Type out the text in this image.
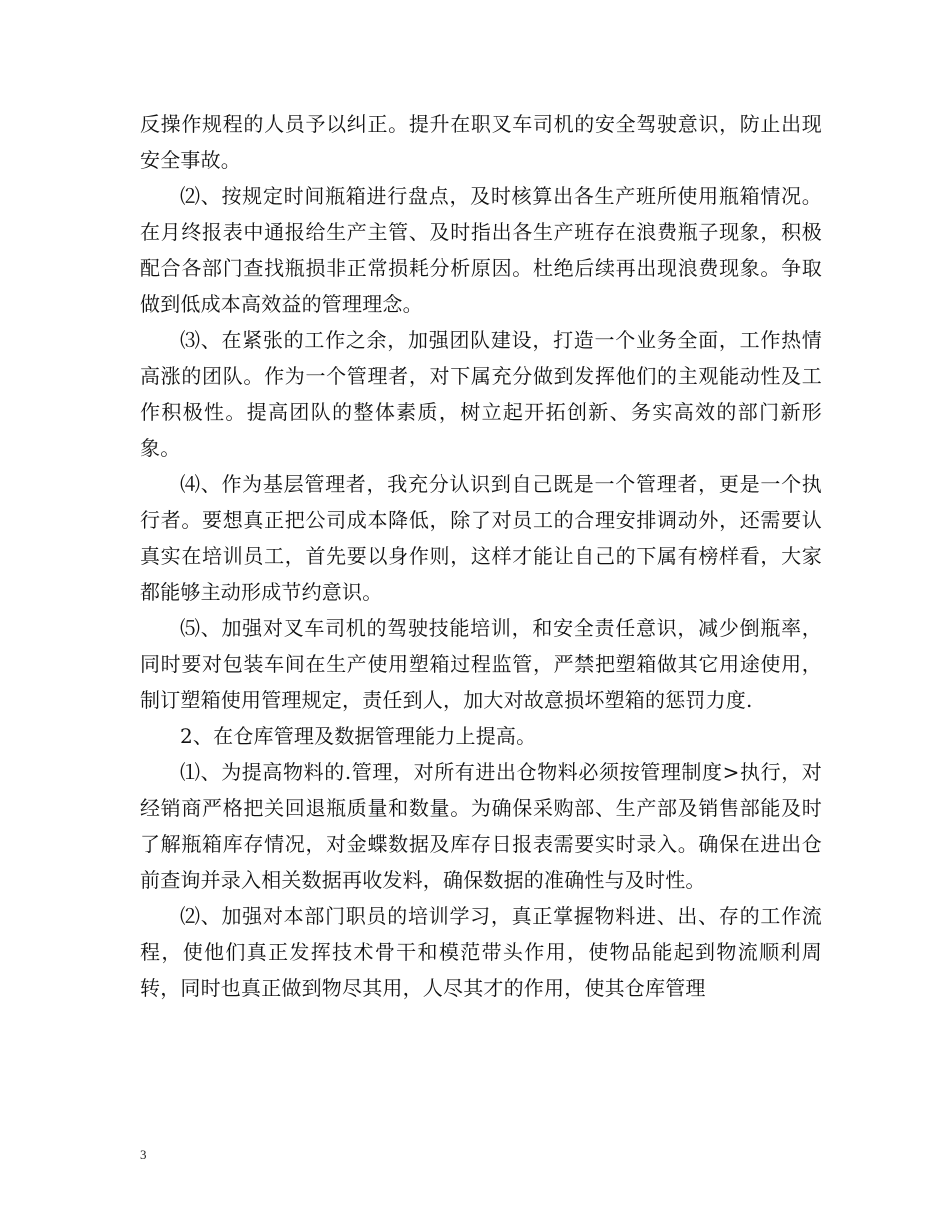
反操作规程的人员予以纠正。提升在职叉车司机的安全驾驶意识，防止出现安全事故。

⑵、按规定时间瓶箱进行盘点，及时核算出各生产班所使用瓶箱情况。在月终报表中通报给生产主管、及时指出各生产班存在浪费瓶子现象，积极配合各部门查找瓶损非正常损耗分析原因。杜绝后续再出现浪费现象。争取做到低成本高效益的管理理念。

⑶、在紧张的工作之余，加强团队建设，打造一个业务全面，工作热情高涨的团队。作为一个管理者，对下属充分做到发挥他们的主观能动性及工作积极性。提高团队的整体素质，树立起开拓创新、务实高效的部门新形象。

⑷、作为基层管理者，我充分认识到自己既是一个管理者，更是一个执行者。要想真正把公司成本降低，除了对员工的合理安排调动外，还需要认真实在培训员工，首先要以身作则，这样才能让自己的下属有榜样看，大家都能够主动形成节约意识。

⑸、加强对叉车司机的驾驶技能培训，和安全责任意识，减少倒瓶率，同时要对包装车间在生产使用塑箱过程监管，严禁把塑箱做其它用途使用，制订塑箱使用管理规定，责任到人，加大对故意损坏塑箱的惩罚力度.

2、在仓库管理及数据管理能力上提高。

⑴、为提高物料的.管理，对所有进出仓物料必须按管理制度>执行，对经销商严格把关回退瓶质量和数量。为确保采购部、生产部及销售部能及时了解瓶箱库存情况，对金蝶数据及库存日报表需要实时录入。确保在进出仓前查询并录入相关数据再收发料，确保数据的准确性与及时性。

⑵、加强对本部门职员的培训学习，真正掌握物料进、出、存的工作流程，使他们真正发挥技术骨干和模范带头作用，使物品能起到物流顺利周转，同时也真正做到物尽其用，人尽其才的作用，使其仓库管理

3
